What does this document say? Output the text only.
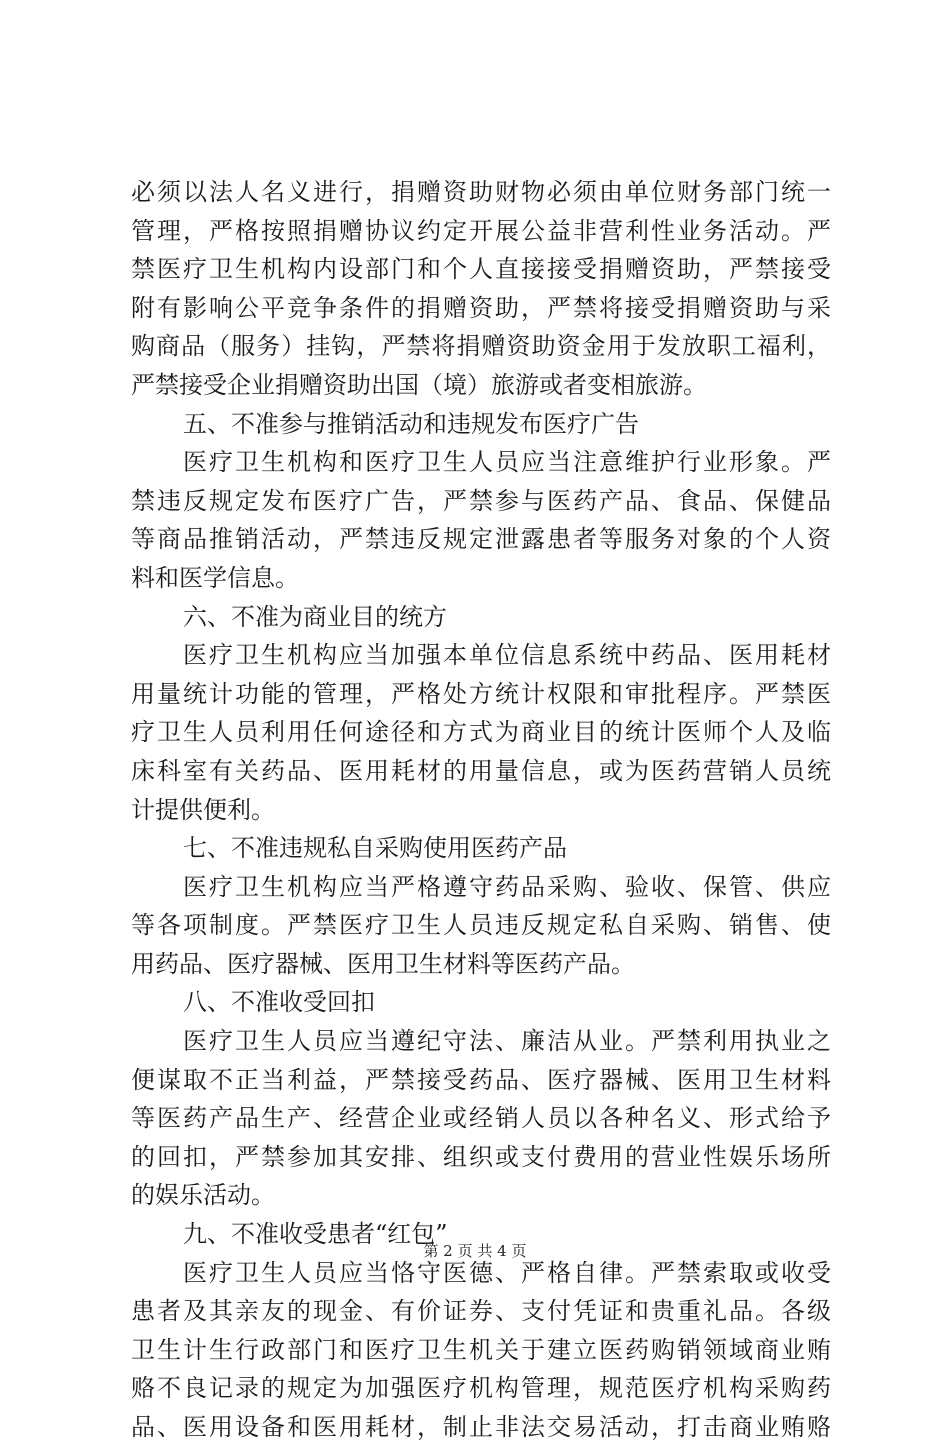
必须以法人名义进行，捐赠资助财物必须由单位财务部门统一
管理，严格按照捐赠协议约定开展公益非营利性业务活动。严
禁医疗卫生机构内设部门和个人直接接受捐赠资助，严禁接受
附有影响公平竞争条件的捐赠资助，严禁将接受捐赠资助与采
购商品（服务）挂钩，严禁将捐赠资助资金用于发放职工福利，
严禁接受企业捐赠资助出国（境）旅游或者变相旅游。
五、不准参与推销活动和违规发布医疗广告
医疗卫生机构和医疗卫生人员应当注意维护行业形象。严
禁违反规定发布医疗广告，严禁参与医药产品、食品、保健品
等商品推销活动，严禁违反规定泄露患者等服务对象的个人资
料和医学信息。
六、不准为商业目的统方
医疗卫生机构应当加强本单位信息系统中药品、医用耗材
用量统计功能的管理，严格处方统计权限和审批程序。严禁医
疗卫生人员利用任何途径和方式为商业目的统计医师个人及临
床科室有关药品、医用耗材的用量信息，或为医药营销人员统
计提供便利。
七、不准违规私自采购使用医药产品
医疗卫生机构应当严格遵守药品采购、验收、保管、供应
等各项制度。严禁医疗卫生人员违反规定私自采购、销售、使
用药品、医疗器械、医用卫生材料等医药产品。
八、不准收受回扣
医疗卫生人员应当遵纪守法、廉洁从业。严禁利用执业之
便谋取不正当利益，严禁接受药品、医疗器械、医用卫生材料
等医药产品生产、经营企业或经销人员以各种名义、形式给予
的回扣，严禁参加其安排、组织或支付费用的营业性娱乐场所
的娱乐活动。
九、不准收受患者“红包”
医疗卫生人员应当恪守医德、严格自律。严禁索取或收受
患者及其亲友的现金、有价证券、支付凭证和贵重礼品。各级
卫生计生行政部门和医疗卫生机关于建立医药购销领域商业贿
赂不良记录的规定为加强医疗机构管理，规范医疗机构采购药
品、医用设备和医用耗材，制止非法交易活动，打击商业贿赂
第 2 页 共 4 页
